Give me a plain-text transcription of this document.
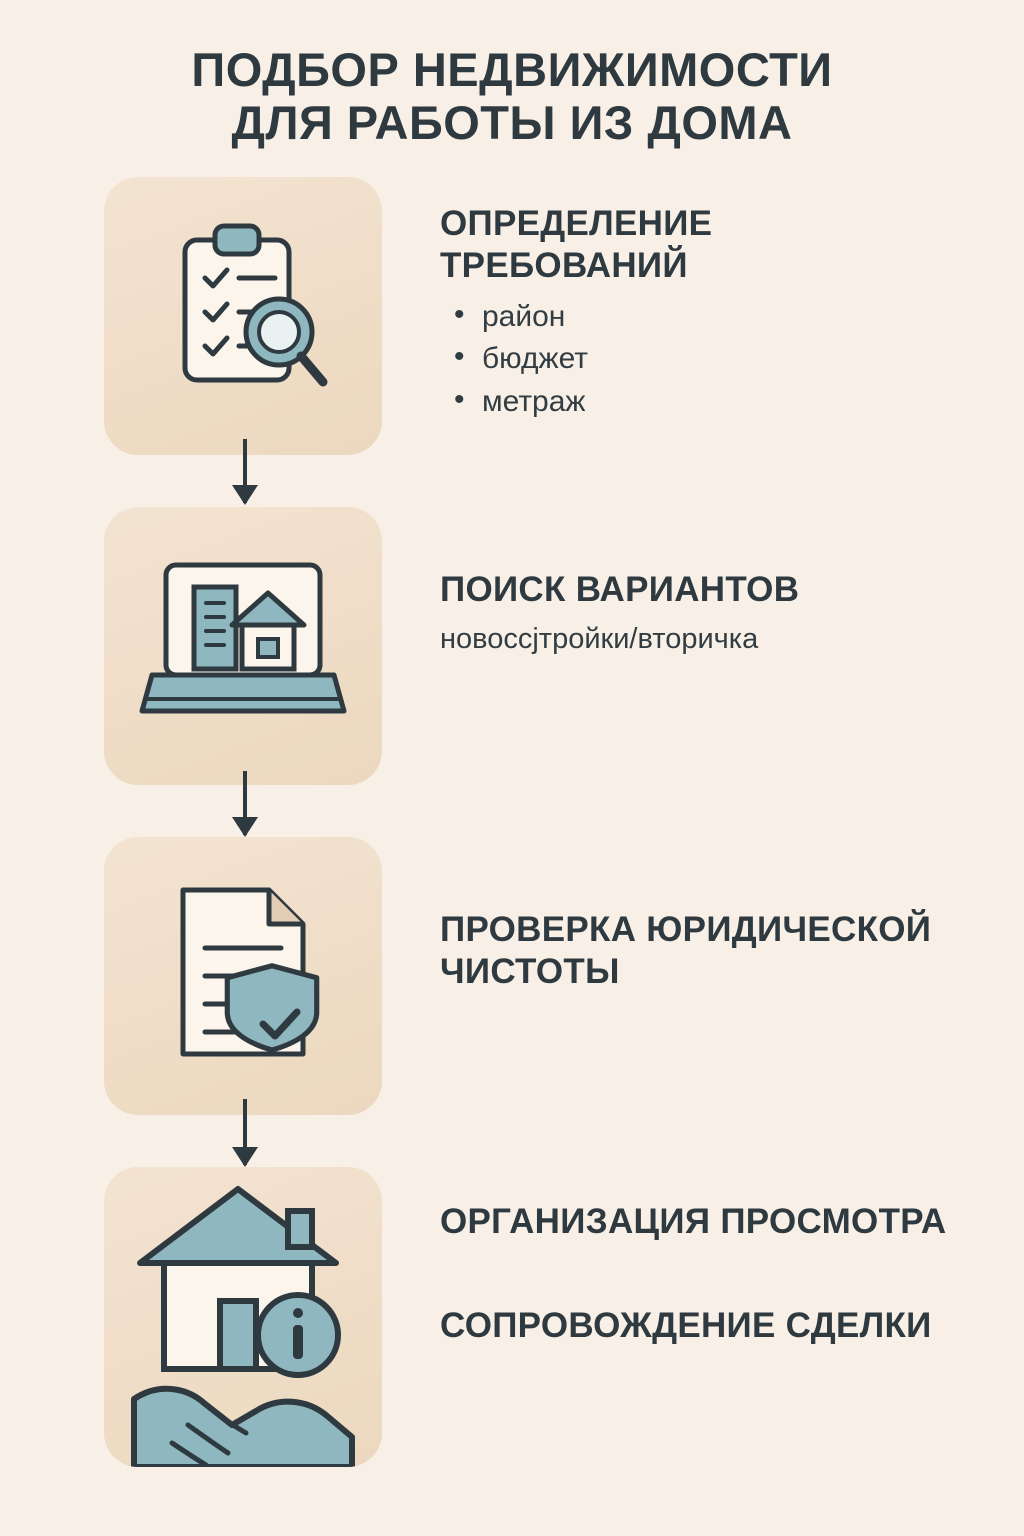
ПОДБОР НЕДВИЖИМОСТИ
ДЛЯ РАБОТЫ ИЗ ДОМА
ОПРЕДЕЛЕНИЕ ТРЕБОВАНИЙ
• район
• бюджет
• метраж
ПОИСК ВАРИАНТОВ
новоссјтройки/вторичка
ПРОВЕРКА ЮРИДИЧЕСКОЙ ЧИСТОТЫ
ОРГАНИЗАЦИЯ ПРОСМОТРА
СОПРОВОЖДЕНИЕ СДЕЛКИ
